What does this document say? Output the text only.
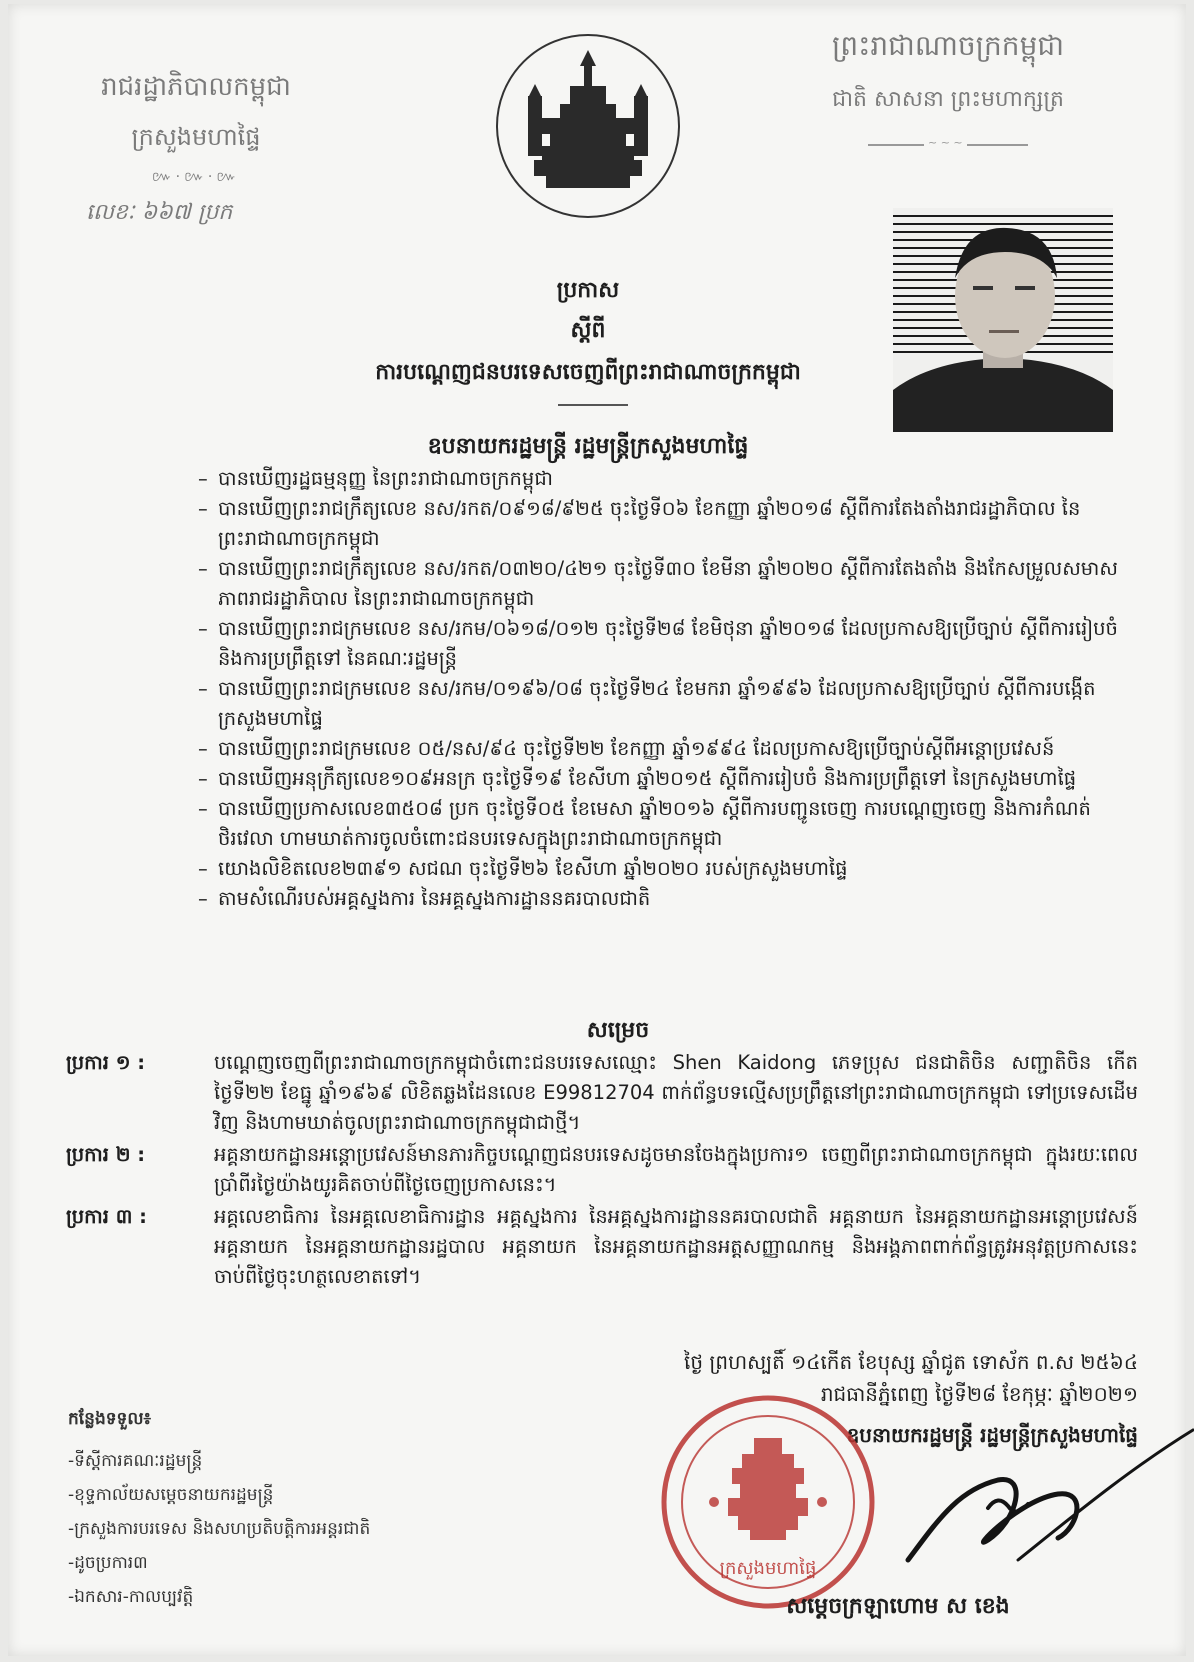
រាជរដ្ឋាភិបាលកម្ពុជា
ក្រសួងមហាផ្ទៃ
៚·៚·៚
លេខៈ ៦៦៧ ប្រក
ព្រះរាជាណាចក្រកម្ពុជា
ជាតិ សាសនា ព្រះមហាក្សត្រ
~ ~ ~
ប្រកាស
ស្តីពី
ការបណ្តេញជនបរទេសចេញពីព្រះរាជាណាចក្រកម្ពុជា
ឧបនាយករដ្ឋមន្ត្រី រដ្ឋមន្ត្រីក្រសួងមហាផ្ទៃ
– បានឃើញរដ្ឋធម្មនុញ្ញ នៃព្រះរាជាណាចក្រកម្ពុជា
– បានឃើញព្រះរាជក្រឹត្យលេខ នស/រកត/០៩១៨/៩២៥ ចុះថ្ងៃទី០៦ ខែកញ្ញា ឆ្នាំ២០១៨ ស្តីពីការតែងតាំងរាជរដ្ឋាភិបាល នៃព្រះរាជាណាចក្រកម្ពុជា
– បានឃើញព្រះរាជក្រឹត្យលេខ នស/រកត/០៣២០/៤២១ ចុះថ្ងៃទី៣០ ខែមីនា ឆ្នាំ២០២០ ស្តីពីការតែងតាំង និងកែសម្រួលសមាសភាពរាជរដ្ឋាភិបាល នៃព្រះរាជាណាចក្រកម្ពុជា
– បានឃើញព្រះរាជក្រមលេខ នស/រកម/០៦១៨/០១២ ចុះថ្ងៃទី២៨ ខែមិថុនា ឆ្នាំ២០១៨ ដែលប្រកាសឱ្យប្រើច្បាប់ ស្តីពីការរៀបចំ និងការប្រព្រឹត្តទៅ នៃគណៈរដ្ឋមន្ត្រី
– បានឃើញព្រះរាជក្រមលេខ នស/រកម/០១៩៦/០៨ ចុះថ្ងៃទី២៤ ខែមករា ឆ្នាំ១៩៩៦ ដែលប្រកាសឱ្យប្រើច្បាប់ ស្តីពីការបង្កើតក្រសួងមហាផ្ទៃ
– បានឃើញព្រះរាជក្រមលេខ ០៥/នស/៩៤ ចុះថ្ងៃទី២២ ខែកញ្ញា ឆ្នាំ១៩៩៤ ដែលប្រកាសឱ្យប្រើច្បាប់ស្តីពីអន្តោប្រវេសន៍
– បានឃើញអនុក្រឹត្យលេខ១០៩អនក្រ ចុះថ្ងៃទី១៩ ខែសីហា ឆ្នាំ២០១៥ ស្តីពីការរៀបចំ និងការប្រព្រឹត្តទៅ នៃក្រសួងមហាផ្ទៃ
– បានឃើញប្រកាសលេខ៣៥០៨ ប្រក ចុះថ្ងៃទី០៥ ខែមេសា ឆ្នាំ២០១៦ ស្តីពីការបញ្ជូនចេញ ការបណ្តេញចេញ និងការកំណត់ថិរវេលា ហាមឃាត់ការចូលចំពោះជនបរទេសក្នុងព្រះរាជាណាចក្រកម្ពុជា
– យោងលិខិតលេខ២៣៩១ សជណ ចុះថ្ងៃទី២៦ ខែសីហា ឆ្នាំ២០២០ របស់ក្រសួងមហាផ្ទៃ
– តាមសំណើរបស់អគ្គស្នងការ នៃអគ្គស្នងការដ្ឋាននគរបាលជាតិ
សម្រេច
ប្រការ ១ :	បណ្តេញចេញពីព្រះរាជាណាចក្រកម្ពុជាចំពោះជនបរទេសឈ្មោះ Shen Kaidong ភេទប្រុស ជនជាតិចិន សញ្ជាតិចិន កើតថ្ងៃទី២២ ខែធ្នូ ឆ្នាំ១៩៦៩ លិខិតឆ្លងដែនលេខ E99812704 ពាក់ព័ន្ធបទល្មើសប្រព្រឹត្តនៅព្រះរាជាណាចក្រកម្ពុជា ទៅប្រទេសដើមវិញ និងហាមឃាត់ចូលព្រះរាជាណាចក្រកម្ពុជាជាថ្មី។
ប្រការ ២ :	អគ្គនាយកដ្ឋានអន្តោប្រវេសន៍មានភារកិច្ចបណ្តេញជនបរទេសដូចមានចែងក្នុងប្រការ១ ចេញពីព្រះរាជាណាចក្រកម្ពុជា ក្នុងរយៈពេលប្រាំពីរថ្ងៃយ៉ាងយូរគិតចាប់ពីថ្ងៃចេញប្រកាសនេះ។
ប្រការ ៣ :	អគ្គលេខាធិការ នៃអគ្គលេខាធិការដ្ឋាន អគ្គស្នងការ នៃអគ្គស្នងការដ្ឋាននគរបាលជាតិ អគ្គនាយក នៃអគ្គនាយកដ្ឋានអន្តោប្រវេសន៍ អគ្គនាយក នៃអគ្គនាយកដ្ឋានរដ្ឋបាល អគ្គនាយក នៃអគ្គនាយកដ្ឋានអត្តសញ្ញាណកម្ម និងអង្គភាពពាក់ព័ន្ធត្រូវអនុវត្តប្រកាសនេះ ចាប់ពីថ្ងៃចុះហត្ថលេខាតទៅ។
ថ្ងៃ ព្រហស្បតិ៍ ១៤កើត ខែបុស្ស ឆ្នាំជូត ទោស័ក ព.ស ២៥៦៤
រាជធានីភ្នំពេញ ថ្ងៃទី២៨ ខែកុម្ភៈ ឆ្នាំ២០២១
ឧបនាយករដ្ឋមន្ត្រី រដ្ឋមន្ត្រីក្រសួងមហាផ្ទៃ
កន្លែងទទួល៖
-ទីស្តីការគណៈរដ្ឋមន្ត្រី
-ខុទ្ទកាល័យសម្តេចនាយករដ្ឋមន្ត្រី
-ក្រសួងការបរទេស និងសហប្រតិបត្តិការអន្តរជាតិ
-ដូចប្រការ៣
-ឯកសារ-កាលប្បវត្តិ
ក្រសួងមហាផ្ទៃ
សម្តេចក្រឡាហោម ស ខេង
